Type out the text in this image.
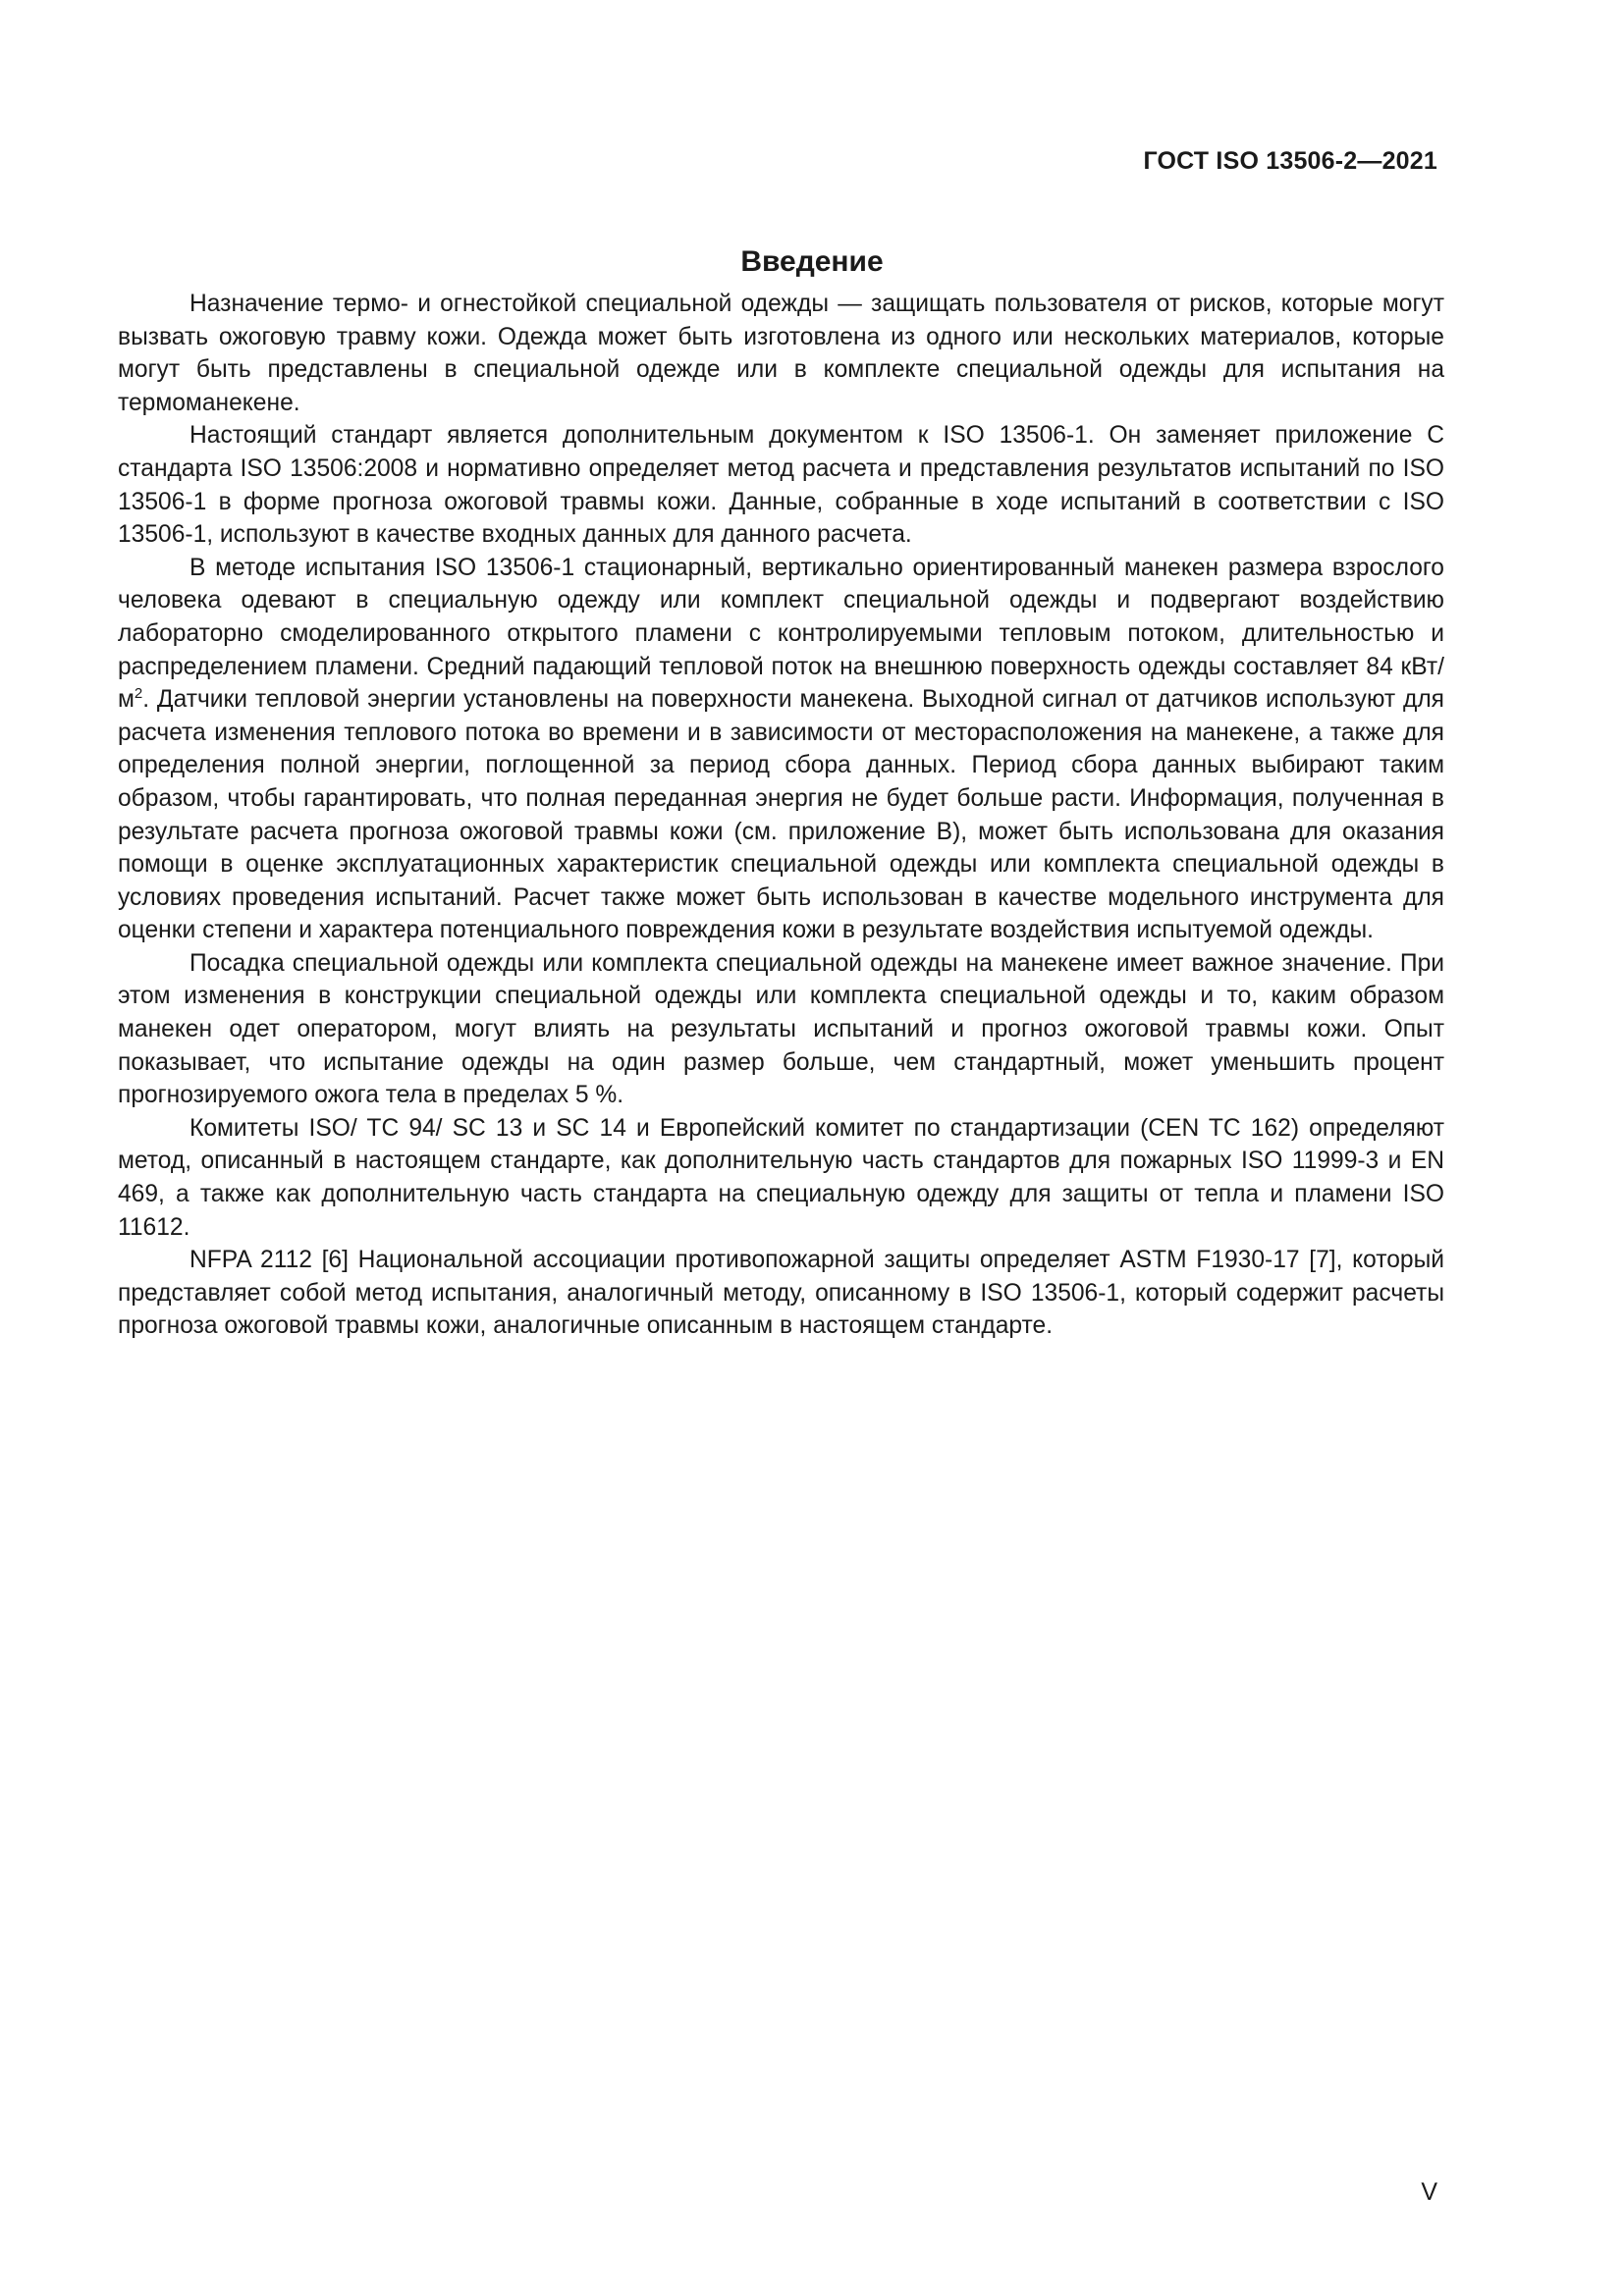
ГОСТ ISO 13506-2—2021
Введение

Назначение термо- и огнестойкой специальной одежды — защищать пользователя от рисков, которые могут вызвать ожоговую травму кожи. Одежда может быть изготовлена из одного или нескольких материалов, которые могут быть представлены в специальной одежде или в комплекте специальной одежды для испытания на термоманекене.

Настоящий стандарт является дополнительным документом к ISO 13506-1. Он заменяет приложение С стандарта ISO 13506:2008 и нормативно определяет метод расчета и представления результатов испытаний по ISO 13506-1 в форме прогноза ожоговой травмы кожи. Данные, собранные в ходе испытаний в соответствии с ISO 13506-1, используют в качестве входных данных для данного расчета.

В методе испытания ISO 13506-1 стационарный, вертикально ориентированный манекен размера взрослого человека одевают в специальную одежду или комплект специальной одежды и подвергают воздействию лабораторно смоделированного открытого пламени с контролируемыми тепловым потоком, длительностью и распределением пламени. Средний падающий тепловой поток на внешнюю поверхность одежды составляет 84 кВт/$м^2$. Датчики тепловой энергии установлены на поверхности манекена. Выходной сигнал от датчиков используют для расчета изменения теплового потока во времени и в зависимости от месторасположения на манекене, а также для определения полной энергии, поглощенной за период сбора данных. Период сбора данных выбирают таким образом, чтобы гарантировать, что полная переданная энергия не будет больше расти. Информация, полученная в результате расчета прогноза ожоговой травмы кожи (см. приложение В), может быть использована для оказания помощи в оценке эксплуатационных характеристик специальной одежды или комплекта специальной одежды в условиях проведения испытаний. Расчет также может быть использован в качестве модельного инструмента для оценки степени и характера потенциального повреждения кожи в результате воздействия испытуемой одежды.

Посадка специальной одежды или комплекта специальной одежды на манекене имеет важное значение. При этом изменения в конструкции специальной одежды или комплекта специальной одежды и то, каким образом манекен одет оператором, могут влиять на результаты испытаний и прогноз ожоговой травмы кожи. Опыт показывает, что испытание одежды на один размер больше, чем стандартный, может уменьшить процент прогнозируемого ожога тела в пределах 5 %.

Комитеты ISO/ TC 94/ SC 13 и SC 14 и Европейский комитет по стандартизации (CEN TC 162) определяют метод, описанный в настоящем стандарте, как дополнительную часть стандартов для пожарных ISO 11999-3 и EN 469, а также как дополнительную часть стандарта на специальную одежду для защиты от тепла и пламени ISO 11612.

NFPA 2112 [6] Национальной ассоциации противопожарной защиты определяет ASTM F1930-17 [7], который представляет собой метод испытания, аналогичный методу, описанному в ISO 13506-1, который содержит расчеты прогноза ожоговой травмы кожи, аналогичные описанным в настоящем стандарте.

V
